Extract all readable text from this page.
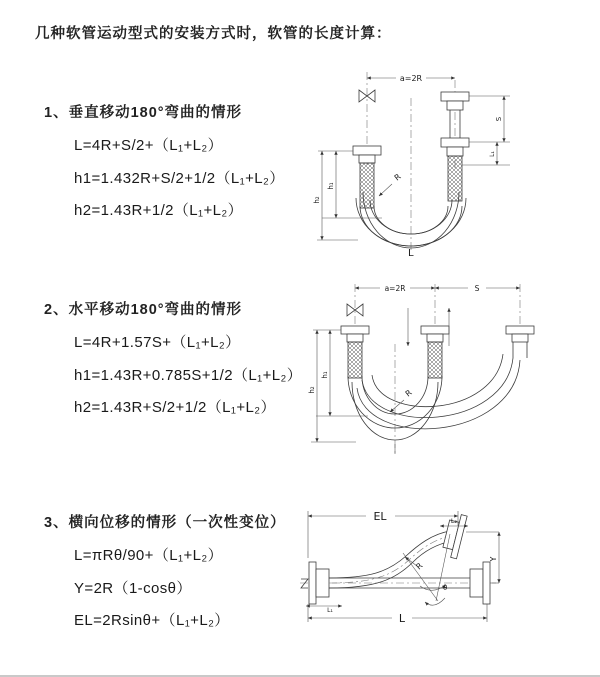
几种软管运动型式的安装方式时，软管的长度计算：
1、垂直移动180°弯曲的情形
L=4R+S/2+（L₁+L₂）
h1=1.432R+S/2+1/2（L₁+L₂）
h2=1.43R+1/2（L₁+L₂）
2、水平移动180°弯曲的情形
L=4R+1.57S+（L₁+L₂）
h1=1.43R+0.785S+1/2（L₁+L₂）
h2=1.43R+S/2+1/2（L₁+L₂）
3、横向位移的情形（一次性变位）
L=πRθ/90+（L₁+L₂）
Y=2R（1-cosθ）
EL=2Rsinθ+（L₁+L₂）
a=2R
h₁
h₂
S
L₁
R
L
a=2R	S
h₁
h₂	R
EL	L₂
Y
L₁
L
θ
R
